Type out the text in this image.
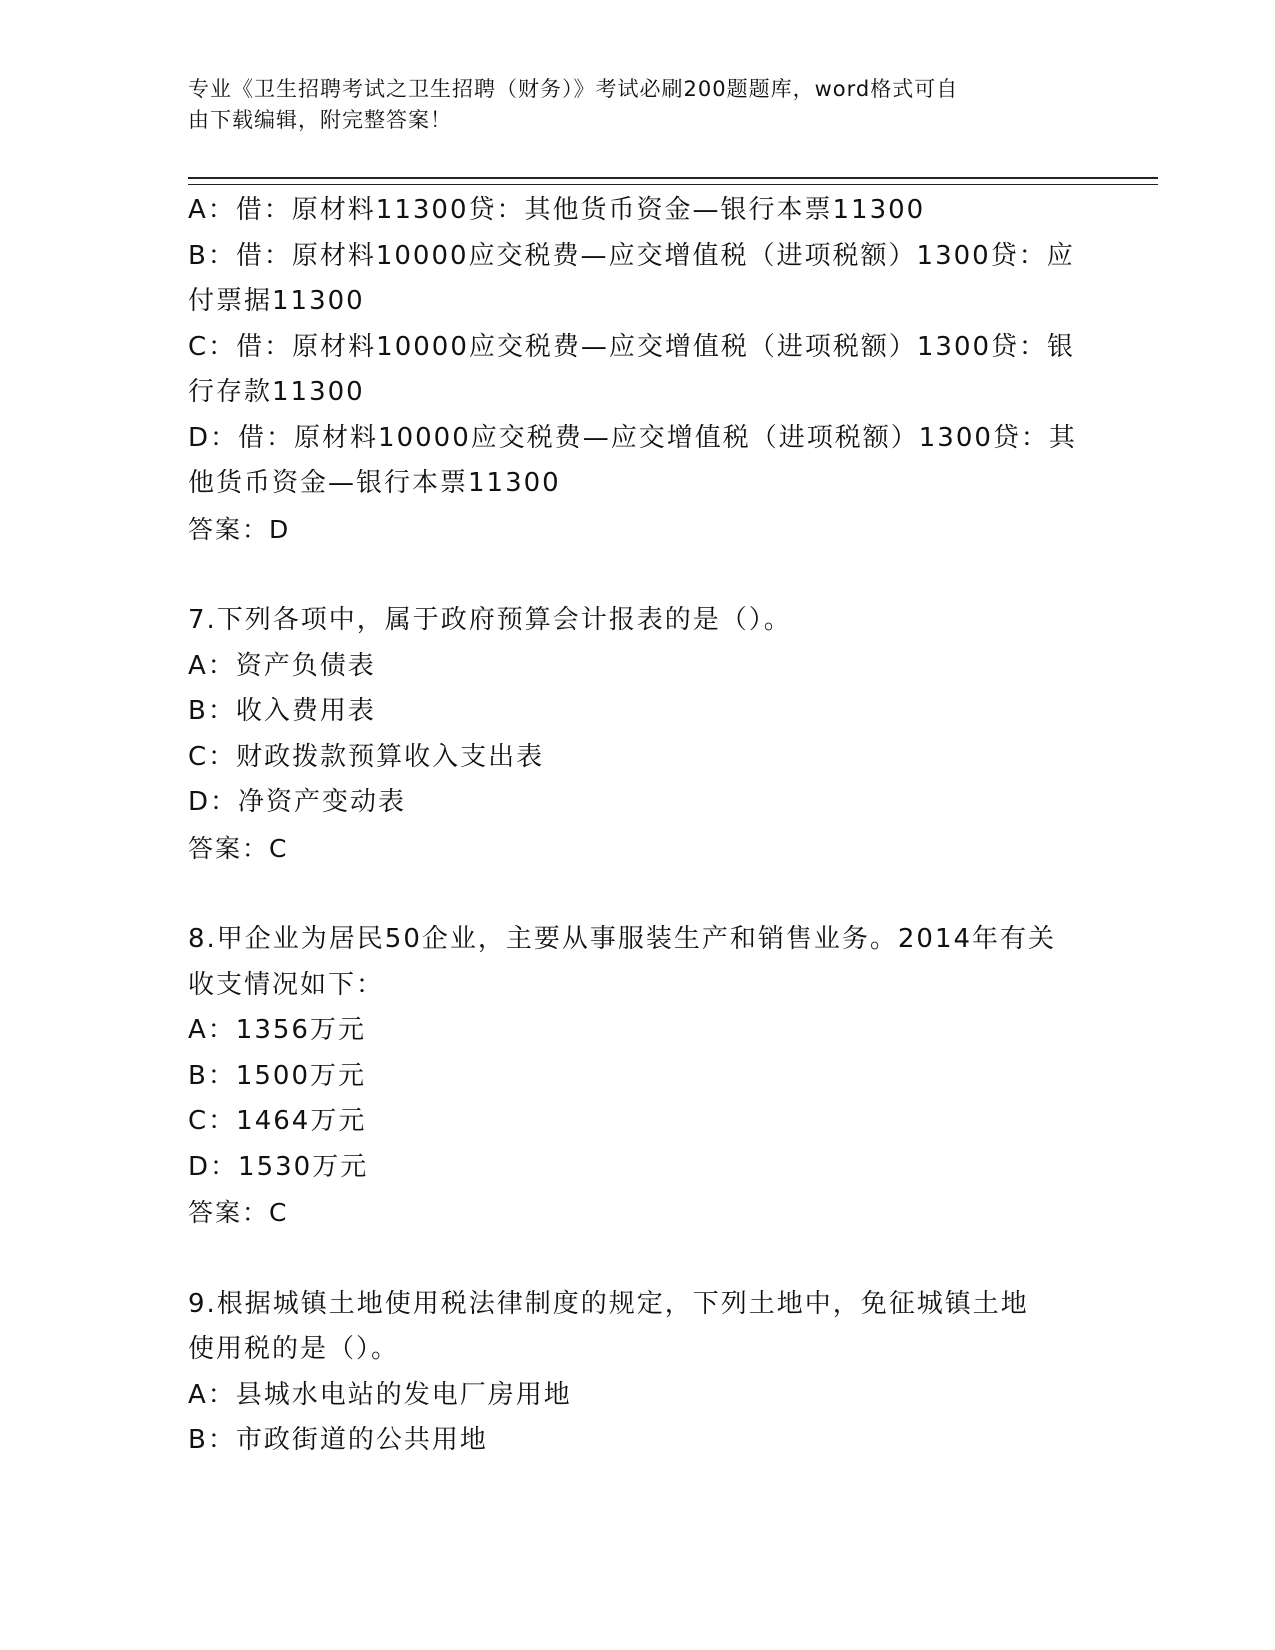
专业《卫生招聘考试之卫生招聘（财务）》考试必刷200题题库，word格式可自
由下载编辑，附完整答案！
A：借：原材料11300贷：其他货币资金—银行本票11300
B：借：原材料10000应交税费—应交增值税（进项税额）1300贷：应
付票据11300
C：借：原材料10000应交税费—应交增值税（进项税额）1300贷：银
行存款11300
D：借：原材料10000应交税费—应交增值税（进项税额）1300贷：其
他货币资金—银行本票11300
答案：D
7.下列各项中，属于政府预算会计报表的是（）。
A：资产负债表
B：收入费用表
C：财政拨款预算收入支出表
D：净资产变动表
答案：C
8.甲企业为居民50企业，主要从事服装生产和销售业务。2014年有关
收支情况如下：
A：1356万元
B：1500万元
C：1464万元
D：1530万元
答案：C
9.根据城镇土地使用税法律制度的规定，下列土地中，免征城镇土地
使用税的是（）。
A：县城水电站的发电厂房用地
B：市政街道的公共用地
